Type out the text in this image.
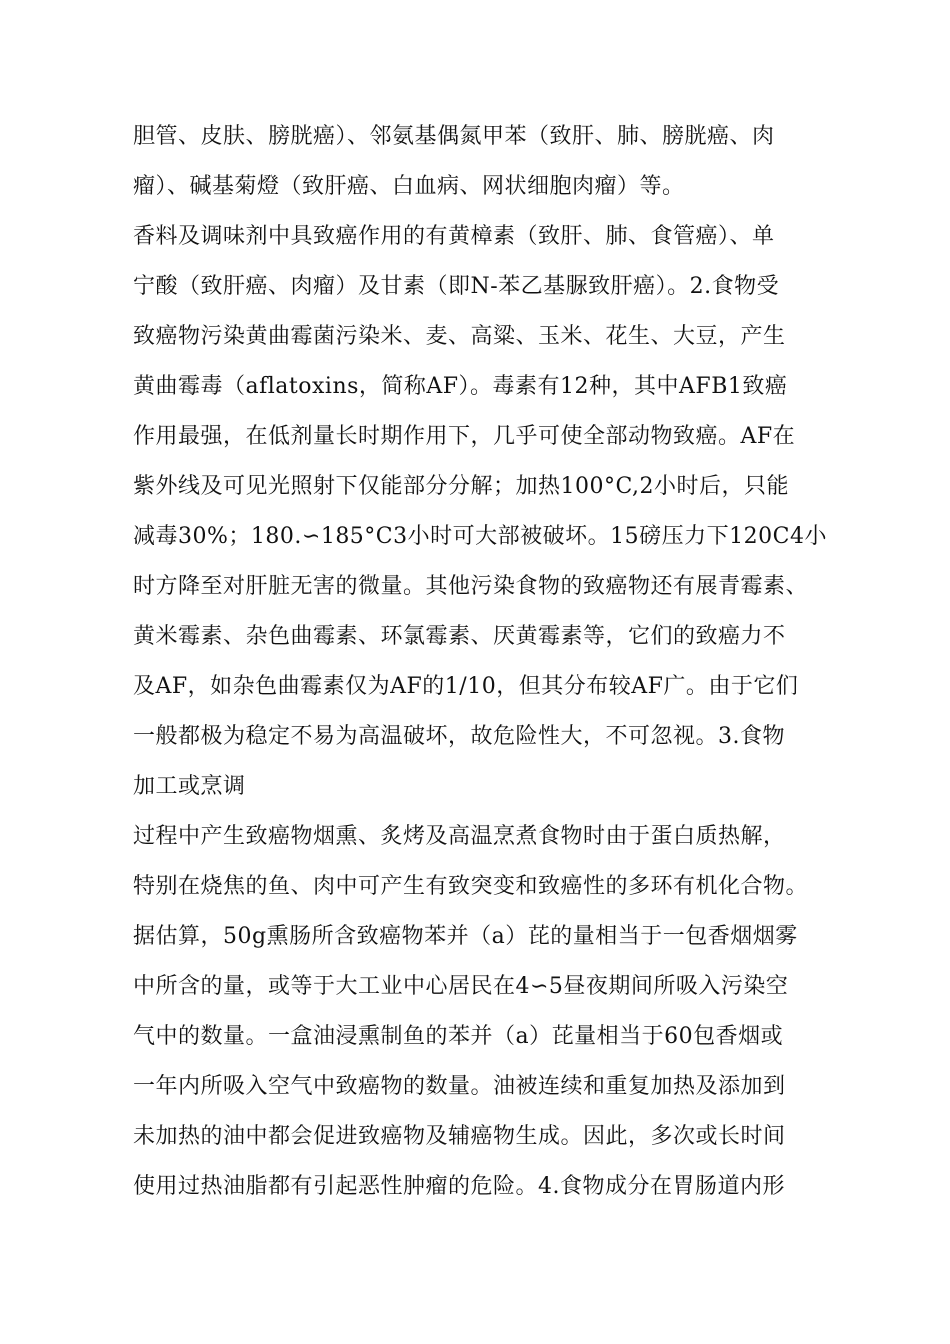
胆管、皮肤、膀胱癌）、邻氨基偶氮甲苯（致肝、肺、膀胱癌、肉
瘤）、碱基菊燈（致肝癌、白血病、网状细胞肉瘤）等。
香料及调味剂中具致癌作用的有黄樟素（致肝、肺、食管癌）、单
宁酸（致肝癌、肉瘤）及甘素（即N-苯乙基脲致肝癌）。2.食物受
致癌物污染黄曲霉菌污染米、麦、高粱、玉米、花生、大豆，产生
黄曲霉毒（aflatoxins，简称AF）。毒素有12种，其中AFB1致癌
作用最强，在低剂量长时期作用下，几乎可使全部动物致癌。AF在
紫外线及可见光照射下仅能部分分解；加热100°C,2小时后，只能
减毒30%；180.∽185°C3小时可大部被破坏。15磅压力下120C4小
时方降至对肝脏无害的微量。其他污染食物的致癌物还有展青霉素、
黄米霉素、杂色曲霉素、环氯霉素、厌黄霉素等，它们的致癌力不
及AF，如杂色曲霉素仅为AF的1/10，但其分布较AF广。由于它们
一般都极为稳定不易为高温破坏，故危险性大，不可忽视。3.食物
加工或烹调
过程中产生致癌物烟熏、炙烤及高温烹煮食物时由于蛋白质热解，
特别在烧焦的鱼、肉中可产生有致突变和致癌性的多环有机化合物。
据估算，50g熏肠所含致癌物苯并（a）芘的量相当于一包香烟烟雾
中所含的量，或等于大工业中心居民在4∽5昼夜期间所吸入污染空
气中的数量。一盒油浸熏制鱼的苯并（a）芘量相当于60包香烟或
一年内所吸入空气中致癌物的数量。油被连续和重复加热及添加到
未加热的油中都会促进致癌物及辅癌物生成。因此，多次或长时间
使用过热油脂都有引起恶性肿瘤的危险。4.食物成分在胃肠道内形
